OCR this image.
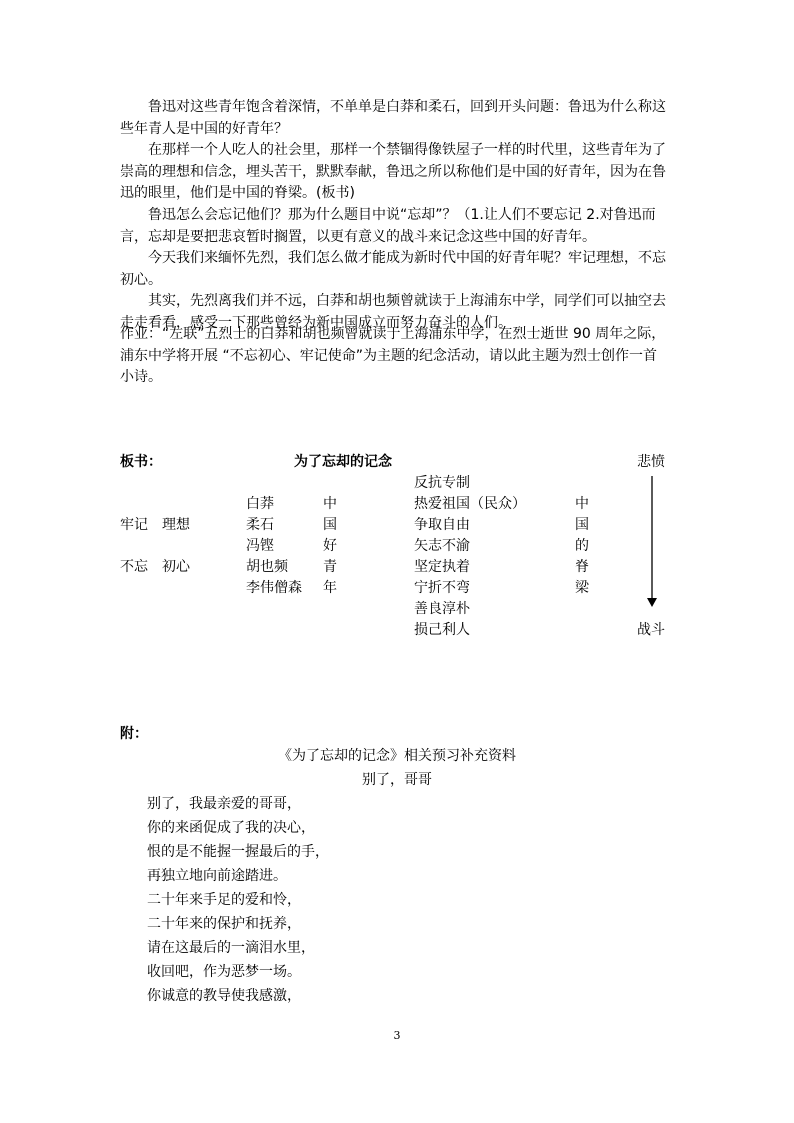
鲁迅对这些青年饱含着深情，不单单是白莽和柔石，回到开头问题：鲁迅为什么称这些年青人是中国的好青年？

在那样一个人吃人的社会里，那样一个禁锢得像铁屋子一样的时代里，这些青年为了崇高的理想和信念，埋头苦干，默默奉献，鲁迅之所以称他们是中国的好青年，因为在鲁迅的眼里，他们是中国的脊梁。(板书)

鲁迅怎么会忘记他们？那为什么题目中说“忘却”？（1.让人们不要忘记 2.对鲁迅而言，忘却是要把悲哀暂时搁置，以更有意义的战斗来记念这些中国的好青年。

今天我们来缅怀先烈，我们怎么做才能成为新时代中国的好青年呢？牢记理想，不忘初心。

其实，先烈离我们并不远，白莽和胡也频曾就读于上海浦东中学，同学们可以抽空去走走看看，感受一下那些曾经为新中国成立而努力奋斗的人们。

作业：“左联”五烈士的白莽和胡也频曾就读于上海浦东中学，在烈士逝世 90 周年之际，浦东中学将开展 “不忘初心、牢记使命”为主题的纪念活动，请以此主题为烈士创作一首小诗。

板书：	为了忘却的记念	悲愤
牢记　理想
不忘　初心
白莽
柔石
冯铿
胡也频
李伟僧森
中
国
好
青
年
反抗专制
热爱祖国（民众）
争取自由
矢志不渝
坚定执着
宁折不弯
善良淳朴
损己利人
中
国
的
脊
梁
战斗
附：
《为了忘却的记念》相关预习补充资料
别了，哥哥
别了，我最亲爱的哥哥，
你的来函促成了我的决心，
恨的是不能握一握最后的手，
再独立地向前途踏进。
二十年来手足的爱和怜，
二十年来的保护和抚养，
请在这最后的一滴泪水里，
收回吧，作为恶梦一场。
你诚意的教导使我感激，
3
